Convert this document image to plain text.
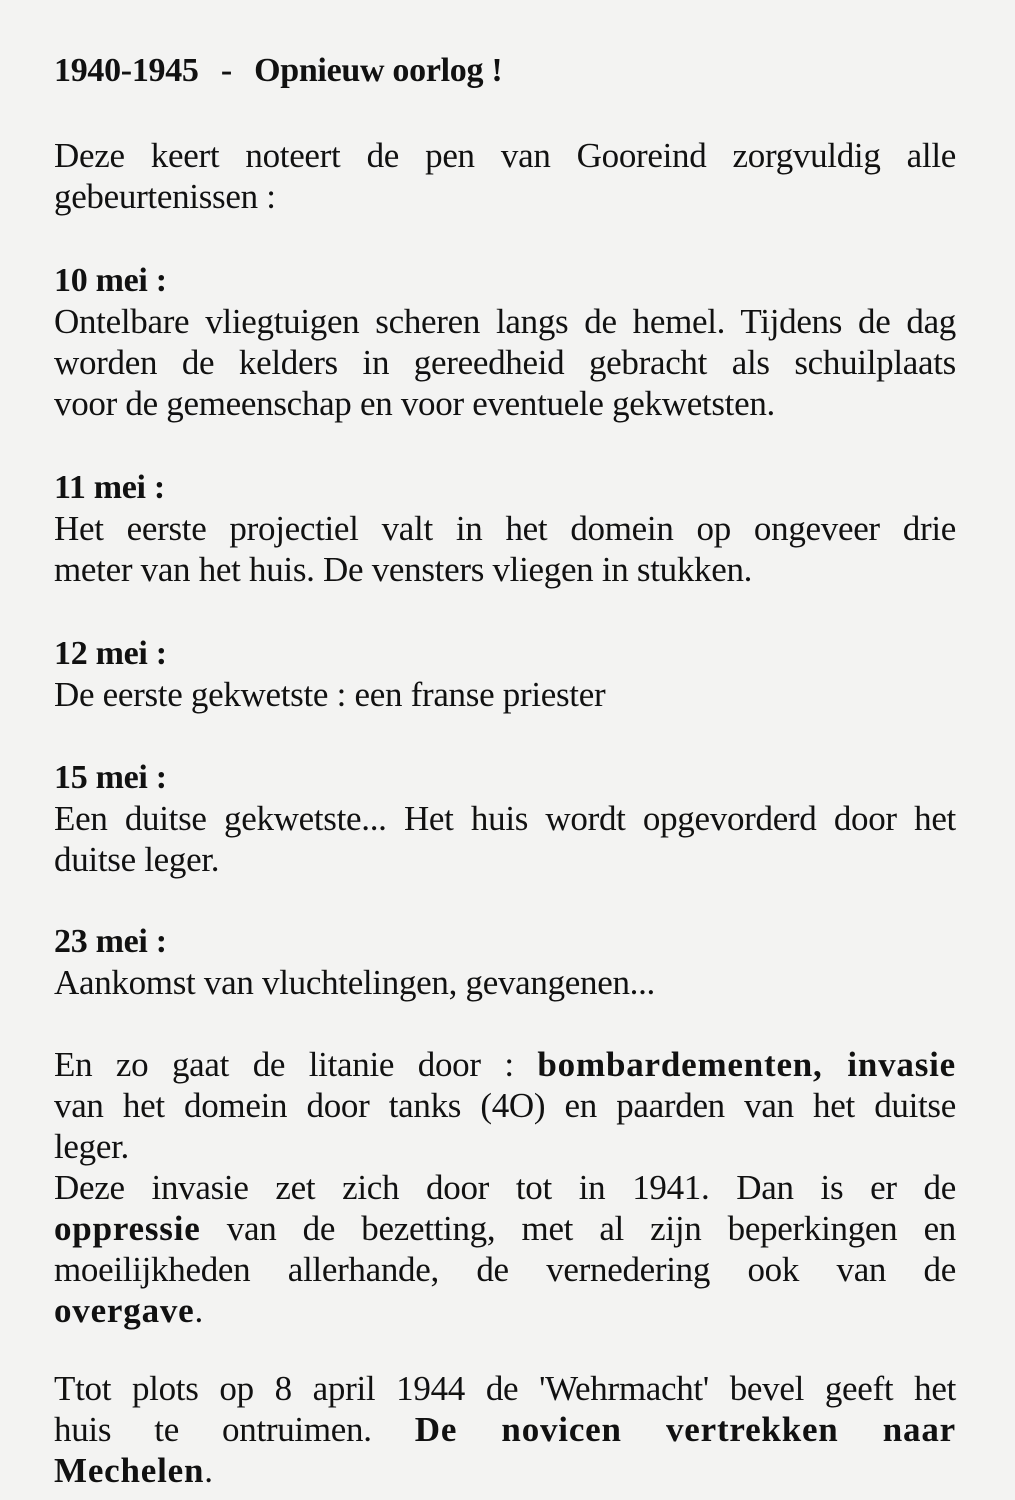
1940-1945 - Opnieuw oorlog !
Deze keert noteert de pen van Gooreind zorgvuldig alle
gebeurtenissen :
10 mei :
Ontelbare vliegtuigen scheren langs de hemel. Tijdens de dag
worden de kelders in gereedheid gebracht als schuilplaats
voor de gemeenschap en voor eventuele gekwetsten.
11 mei :
Het eerste projectiel valt in het domein op ongeveer drie
meter van het huis. De vensters vliegen in stukken.
12 mei :
De eerste gekwetste : een franse priester
15 mei :
Een duitse gekwetste... Het huis wordt opgevorderd door het
duitse leger.
23 mei :
Aankomst van vluchtelingen, gevangenen...
En zo gaat de litanie door : bombardementen, invasie
van het domein door tanks (4O) en paarden van het duitse
leger.
Deze invasie zet zich door tot in 1941. Dan is er de
oppressie van de bezetting, met al zijn beperkingen en
moeilijkheden allerhande, de vernedering ook van de
overgave.
Ttot plots op 8 april 1944 de 'Wehrmacht' bevel geeft het
huis te ontruimen. De novicen vertrekken naar
Mechelen.
